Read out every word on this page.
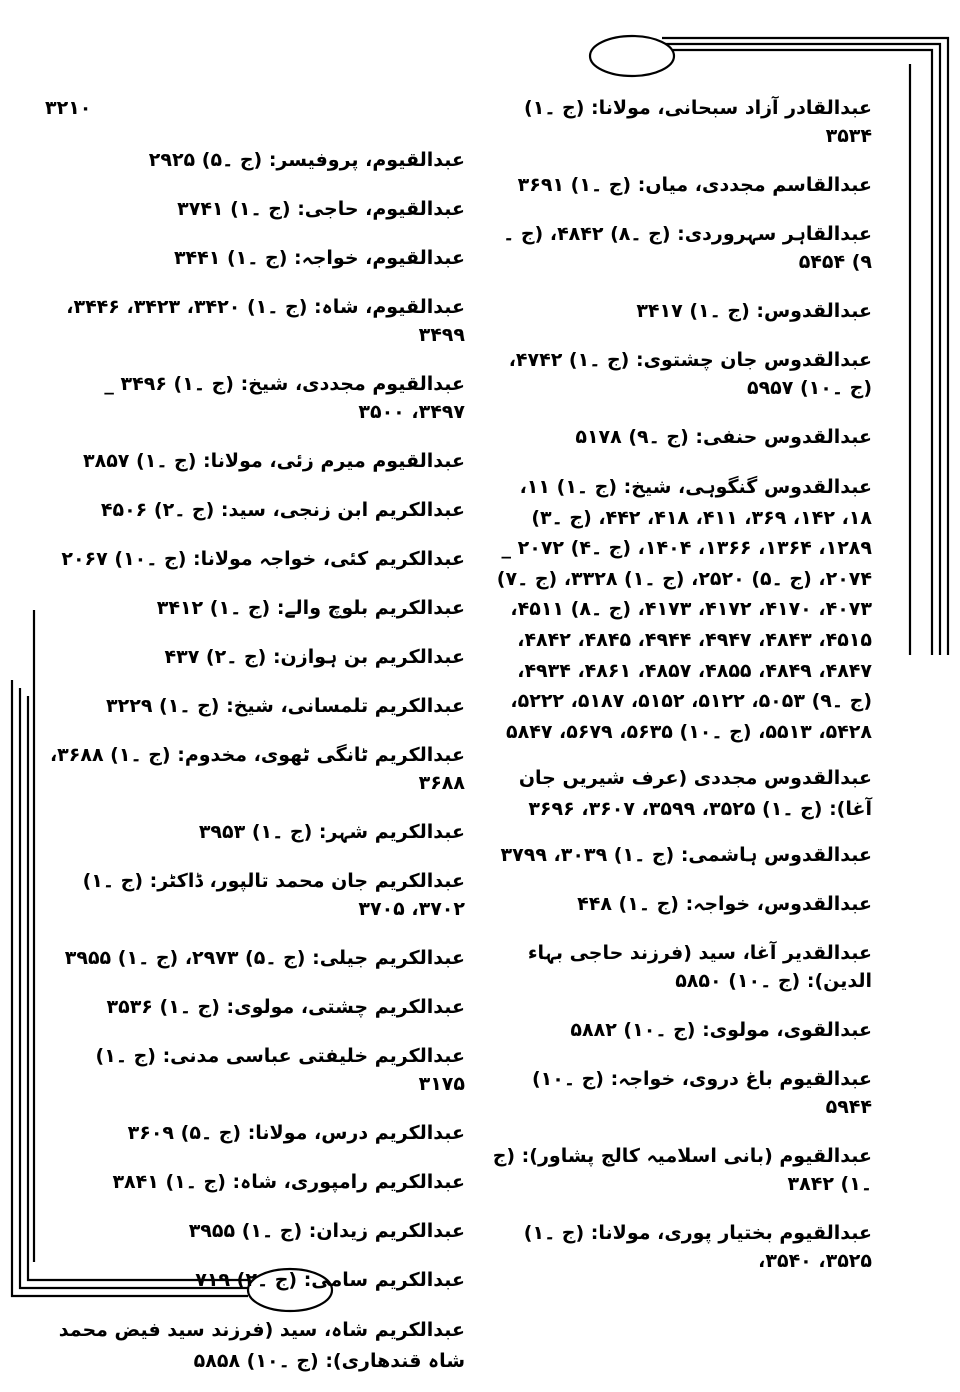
عبدالقادر آزاد سبحانی، مولانا: (ج ۔۱) ۳۵۳۴
عبدالقاسم مجددی، میاں: (ج ۔۱) ۳۶۹۱
عبدالقاہر سہروردی: (ج ۔۸) ۴۸۴۲، (ج ۔۹) ۵۴۵۴
عبدالقدوس: (ج ۔۱) ۳۴۱۷
عبدالقدوس جان چشتوی: (ج ۔۱) ۴۷۴۲، (ج ۔۱۰) ۵۹۵۷
عبدالقدوس حنفی: (ج ۔۹) ۵۱۷۸
عبدالقدوس گنگوہی، شیخ: (ج ۔۱) ۱۱، ۱۸، ۱۴۲، ۳۶۹، ۴۱۱، ۴۱۸، ۴۴۲، (ج ۔۳) ۱۲۸۹، ۱۳۶۴، ۱۳۶۶، ۱۴۰۴، (ج ۔۴) ۲۰۷۲ _ ۲۰۷۴، (ج ۔۵) ۲۵۲۰، (ج ۔۱) ۳۳۲۸، (ج ۔۷) ۴۰۷۳، ۴۱۷۰، ۴۱۷۲، ۴۱۷۳، (ج ۔۸) ۴۵۱۱، ۴۵۱۵، ۴۸۴۳، ۴۹۴۷، ۴۹۴۴، ۴۸۴۵، ۴۸۴۲، ۴۸۴۷، ۴۸۴۹، ۴۸۵۵، ۴۸۵۷، ۴۸۶۱، ۴۹۳۴، (ج ۔۹) ۵۰۵۳، ۵۱۲۲، ۵۱۵۲، ۵۱۸۷، ۵۲۲۲، ۵۴۲۸، ۵۵۱۳، (ج ۔۱۰) ۵۶۳۵، ۵۶۷۹، ۵۸۴۷
عبدالقدوس مجددی (عرف شیریں جان آغا): (ج ۔۱) ۳۵۲۵، ۳۵۹۹، ۳۶۰۷، ۳۶۹۶
عبدالقدوس ہاشمی: (ج ۔۱) ۳۰۳۹، ۳۷۹۹
عبدالقدوس، خواجہ: (ج ۔۱) ۴۴۸
عبدالقدیر آغا، سید (فرزند حاجی بہاء الدین): (ج ۔۱۰) ۵۸۵۰
عبدالقوی، مولوی: (ج ۔۱۰) ۵۸۸۲
عبدالقیوم باغ دروی، خواجہ: (ج ۔۱۰) ۵۹۴۴
عبدالقیوم (بانی اسلامیہ کالج پشاور): (ج ۔۱) ۳۸۴۲
عبدالقیوم بختیار پوری، مولانا: (ج ۔۱) ۳۵۲۵، ۳۵۴۰،
۳۲۱۰
عبدالقیوم، پروفیسر: (ج ۔۵) ۲۹۲۵
عبدالقیوم، حاجی: (ج ۔۱) ۳۷۴۱
عبدالقیوم، خواجہ: (ج ۔۱) ۳۴۴۱
عبدالقیوم، شاہ: (ج ۔۱) ۳۴۲۰، ۳۴۲۳، ۳۴۴۶، ۳۴۹۹
عبدالقیوم مجددی، شیخ: (ج ۔۱) ۳۴۹۶ _ ۳۴۹۷، ۳۵۰۰
عبدالقیوم میرم زئی، مولانا: (ج ۔۱) ۳۸۵۷
عبدالکریم ابن زنجی، سید: (ج ۔۲) ۴۵۰۶
عبدالکریم کئی، خواجہ مولانا: (ج ۔۱۰) ۲۰۶۷
عبدالکریم بلوچ والے: (ج ۔۱) ۳۴۱۲
عبدالکریم بن ہوازن: (ج ۔۲) ۴۳۷
عبدالکریم تلمسانی، شیخ: (ج ۔۱) ۳۲۲۹
عبدالکریم ٹانگی ٹھوی، مخدوم: (ج ۔۱) ۳۶۸۸، ۳۶۸۸
عبدالکریم شہر: (ج ۔۱) ۳۹۵۳
عبدالکریم جان محمد تالپور، ڈاکٹر: (ج ۔۱) ۳۷۰۲، ۳۷۰۵
عبدالکریم جیلی: (ج ۔۵) ۲۹۷۳، (ج ۔۱) ۳۹۵۵
عبدالکریم چشتی، مولوی: (ج ۔۱) ۳۵۳۶
عبدالکریم خلیفتی عباسی مدنی: (ج ۔۱) ۳۱۷۵
عبدالکریم درس، مولانا: (ج ۔۵) ۳۶۰۹
عبدالکریم رامپوری، شاہ: (ج ۔۱) ۳۸۴۱
عبدالکریم زیدان: (ج ۔۱) ۳۹۵۵
عبدالکریم سامی: (ج ۔۲) ۷۱۹
عبدالکریم شاہ، سید (فرزند سید فیض محمد شاہ قندھاری): (ج ۔۱۰) ۵۸۵۸
